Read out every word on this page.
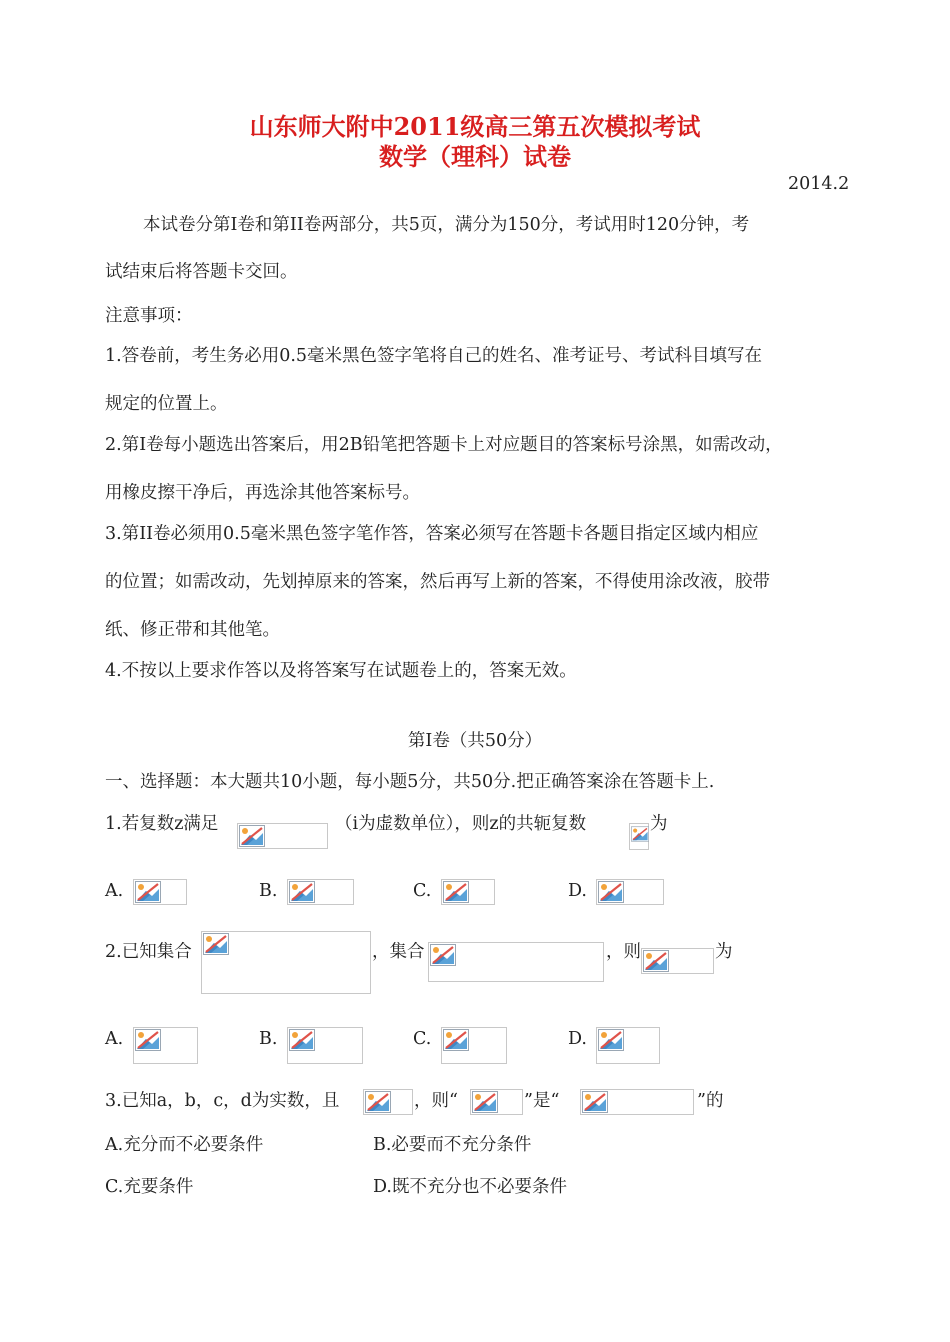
山东师大附中2011级高三第五次模拟考试
数学（理科）试卷
2014.2
本试卷分第I卷和第II卷两部分，共5页，满分为150分，考试用时120分钟，考
试结束后将答题卡交回。
注意事项：
1.答卷前，考生务必用0.5毫米黑色签字笔将自己的姓名、准考证号、考试科目填写在
规定的位置上。
2.第I卷每小题选出答案后，用2B铅笔把答题卡上对应题目的答案标号涂黑，如需改动，
用橡皮擦干净后，再选涂其他答案标号。
3.第II卷必须用0.5毫米黑色签字笔作答，答案必须写在答题卡各题目指定区域内相应
的位置；如需改动，先划掉原来的答案，然后再写上新的答案，不得使用涂改液，胶带
纸、修正带和其他笔。
4.不按以上要求作答以及将答案写在试题卷上的，答案无效。
第I卷（共50分）
一、选择题：本大题共10小题，每小题5分，共50分.把正确答案涂在答题卡上.
1.若复数z满足	（i为虚数单位），则z的共轭复数	为
A.	B.	C.	D.
2.已知集合	，集合	，则	为
A.	B.	C.	D.
3.已知a，b，c，d为实数，且	，则“	”是“	”的
A.充分而不必要条件	B.必要而不充分条件
C.充要条件	D.既不充分也不必要条件
